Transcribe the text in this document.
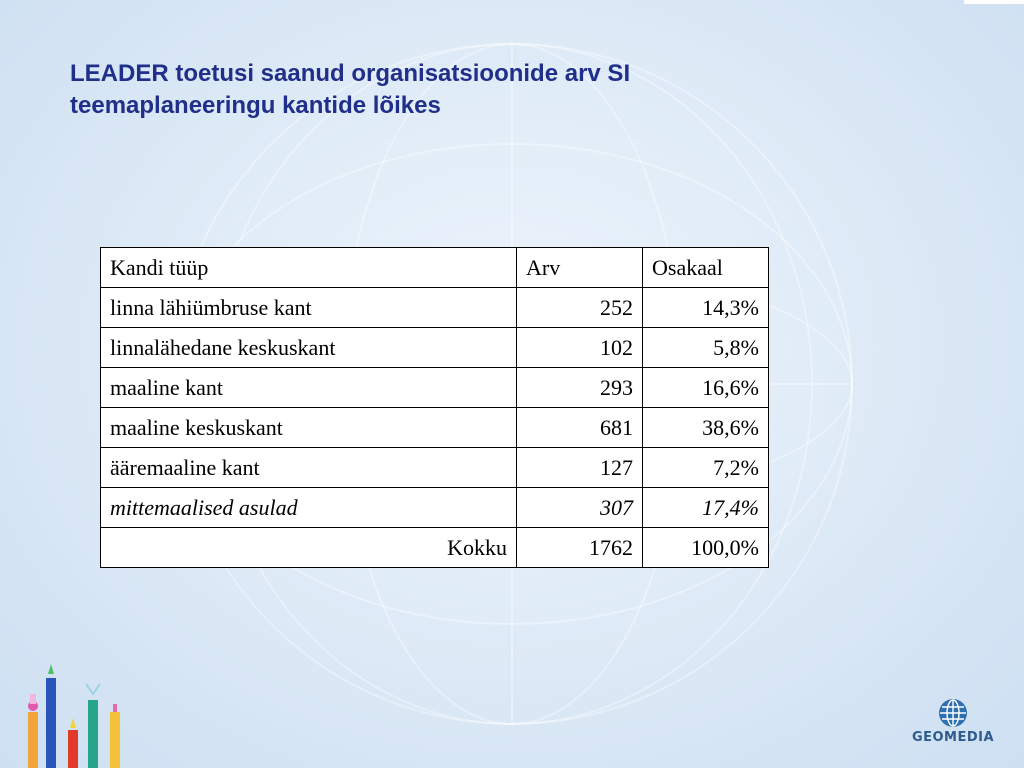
LEADER toetusi saanud organisatsioonide arv SI
teemaplaneeringu kantide lõikes
Kandi tüüp	Arv	Osakaal
linna lähiümbruse kant	252	14,3%
linnalähedane keskuskant	102	5,8%
maaline kant	293	16,6%
maaline keskuskant	681	38,6%
ääremaaline kant	127	7,2%
mittemaalised asulad	307	17,4%
Kokku	1762	100,0%
GEOMEDIA
